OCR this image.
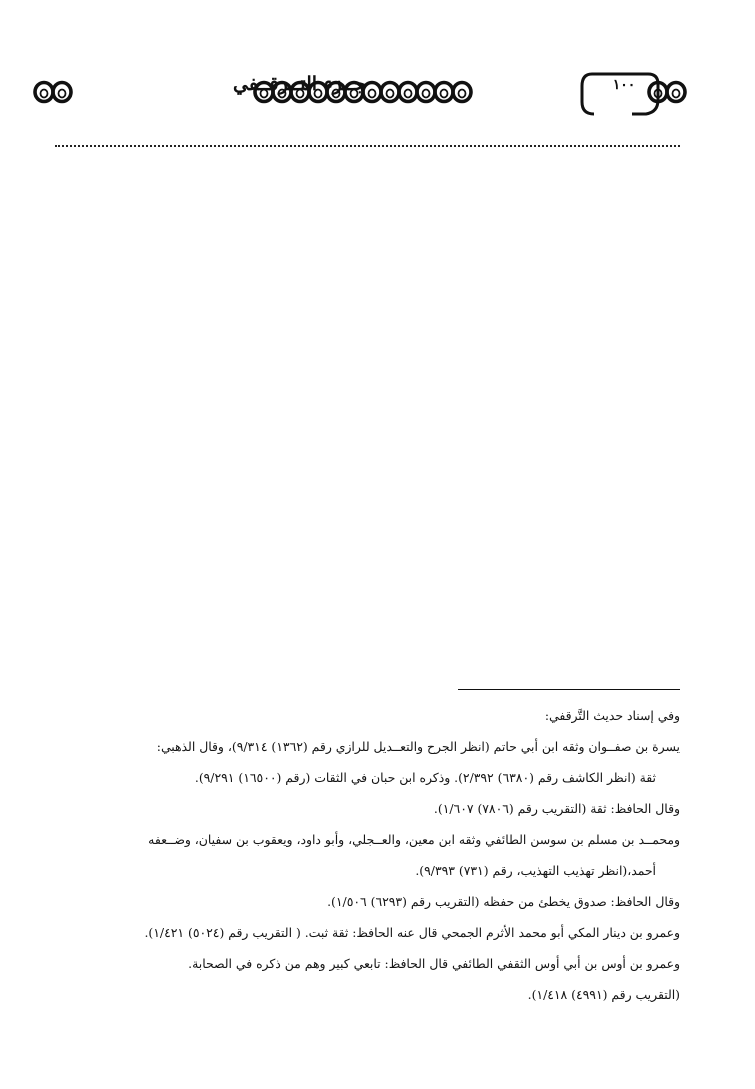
جــزء التــرقــفي	١٠٠
وفي إسناد حديث التَّرقفي:
يسرة بن صفــوان وثقه ابن أبي حاتم (انظر الجرح والتعــديل للرازي رقم (١٣٦٢) ٩/٣١٤)، وقال الذهبي:
ثقة (انظر الكاشف رقم (٦٣٨٠) ٢/٣٩٢). وذكره ابن حبان في الثقات (رقم (١٦٥٠٠) ٩/٢٩١).
وقال الحافظ: ثقة (التقريب رقم (٧٨٠٦) ١/٦٠٧).
ومحمــد بن مسلم بن سوسن الطائفي وثقه ابن معين، والعــجلي، وأبو داود، ويعقوب بن سفيان، وضــعفه
أحمد،(انظر تهذيب التهذيب، رقم (٧٣١) ٩/٣٩٣).
وقال الحافظ: صدوق يخطئ من حفظه (التقريب رقم (٦٢٩٣) ١/٥٠٦).
وعمرو بن دينار المكي أبو محمد الأثرم الجمحي قال عنه الحافظ: ثقة ثبت. ( التقريب رقم (٥٠٢٤) ١/٤٢١).
وعمرو بن أوس بن أبي أوس الثقفي الطائفي قال الحافظ: تابعي كبير وهم من ذكره في الصحابة.
(التقريب رقم (٤٩٩١) ١/٤١٨).
